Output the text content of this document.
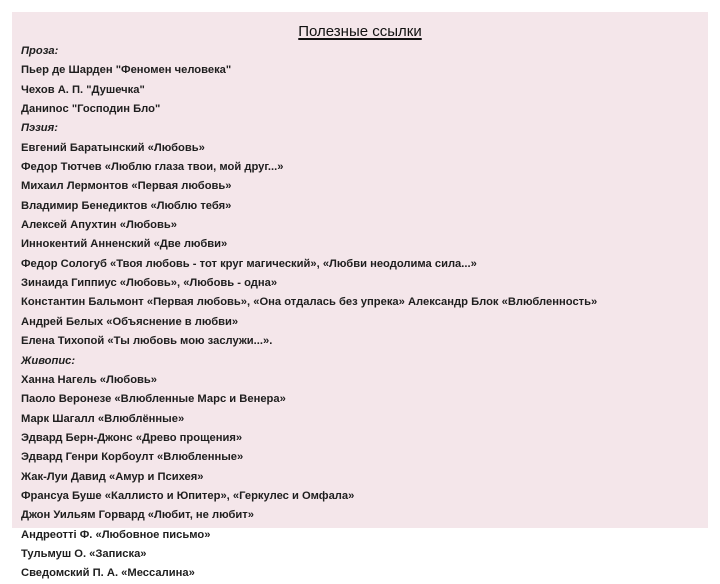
Полезные ссылки
Проза:
Пьер де Шарден "Феномен человека"
Чехов А. П. "Душечка"
Даниnoс "Господин Бло"
Пэзия:
Евгений Баратынский «Любовь»
Федор Тютчев «Люблю глаза твои, мой друг...»
Михаил Лермонтов «Первая любовь»
Владимир Бенедиктов «Люблю тебя»
Алексей Апухтин «Любовь»
Иннокентий Анненский «Две любви»
Федор Сологуб «Твоя любовь - тот круг магический», «Любви неодолима сила...»
Зинаида Гиппиус «Любовь», «Любовь - одна»
Константин Бальмонт «Первая любовь», «Она отдалась без упрека» Александр Блок «Влюбленность»
Андрей Белых «Объяснение в любви»
Елена Тихопой «Ты любовь мою заслужи...».
Живопис:
Ханна Нагель «Любовь»
Паоло Веронезе «Влюбленные Марс и Венера»
Марк Шагалл «Влюблённые»
Эдвард Берн-Джонс «Древо прощения»
Эдвард Генри Корбоулт «Влюбленные»
Жак-Луи Давид «Амур и Психея»
Франсуа Буше «Каллисто и Юпитер», «Геркулес и Омфала»
Джон Уильям Горвард «Любит, не любит»
Андреоттi Ф. «Любовное письмо»
Тульмуш О. «Записка»
Сведомский П. А. «Мессалина»
